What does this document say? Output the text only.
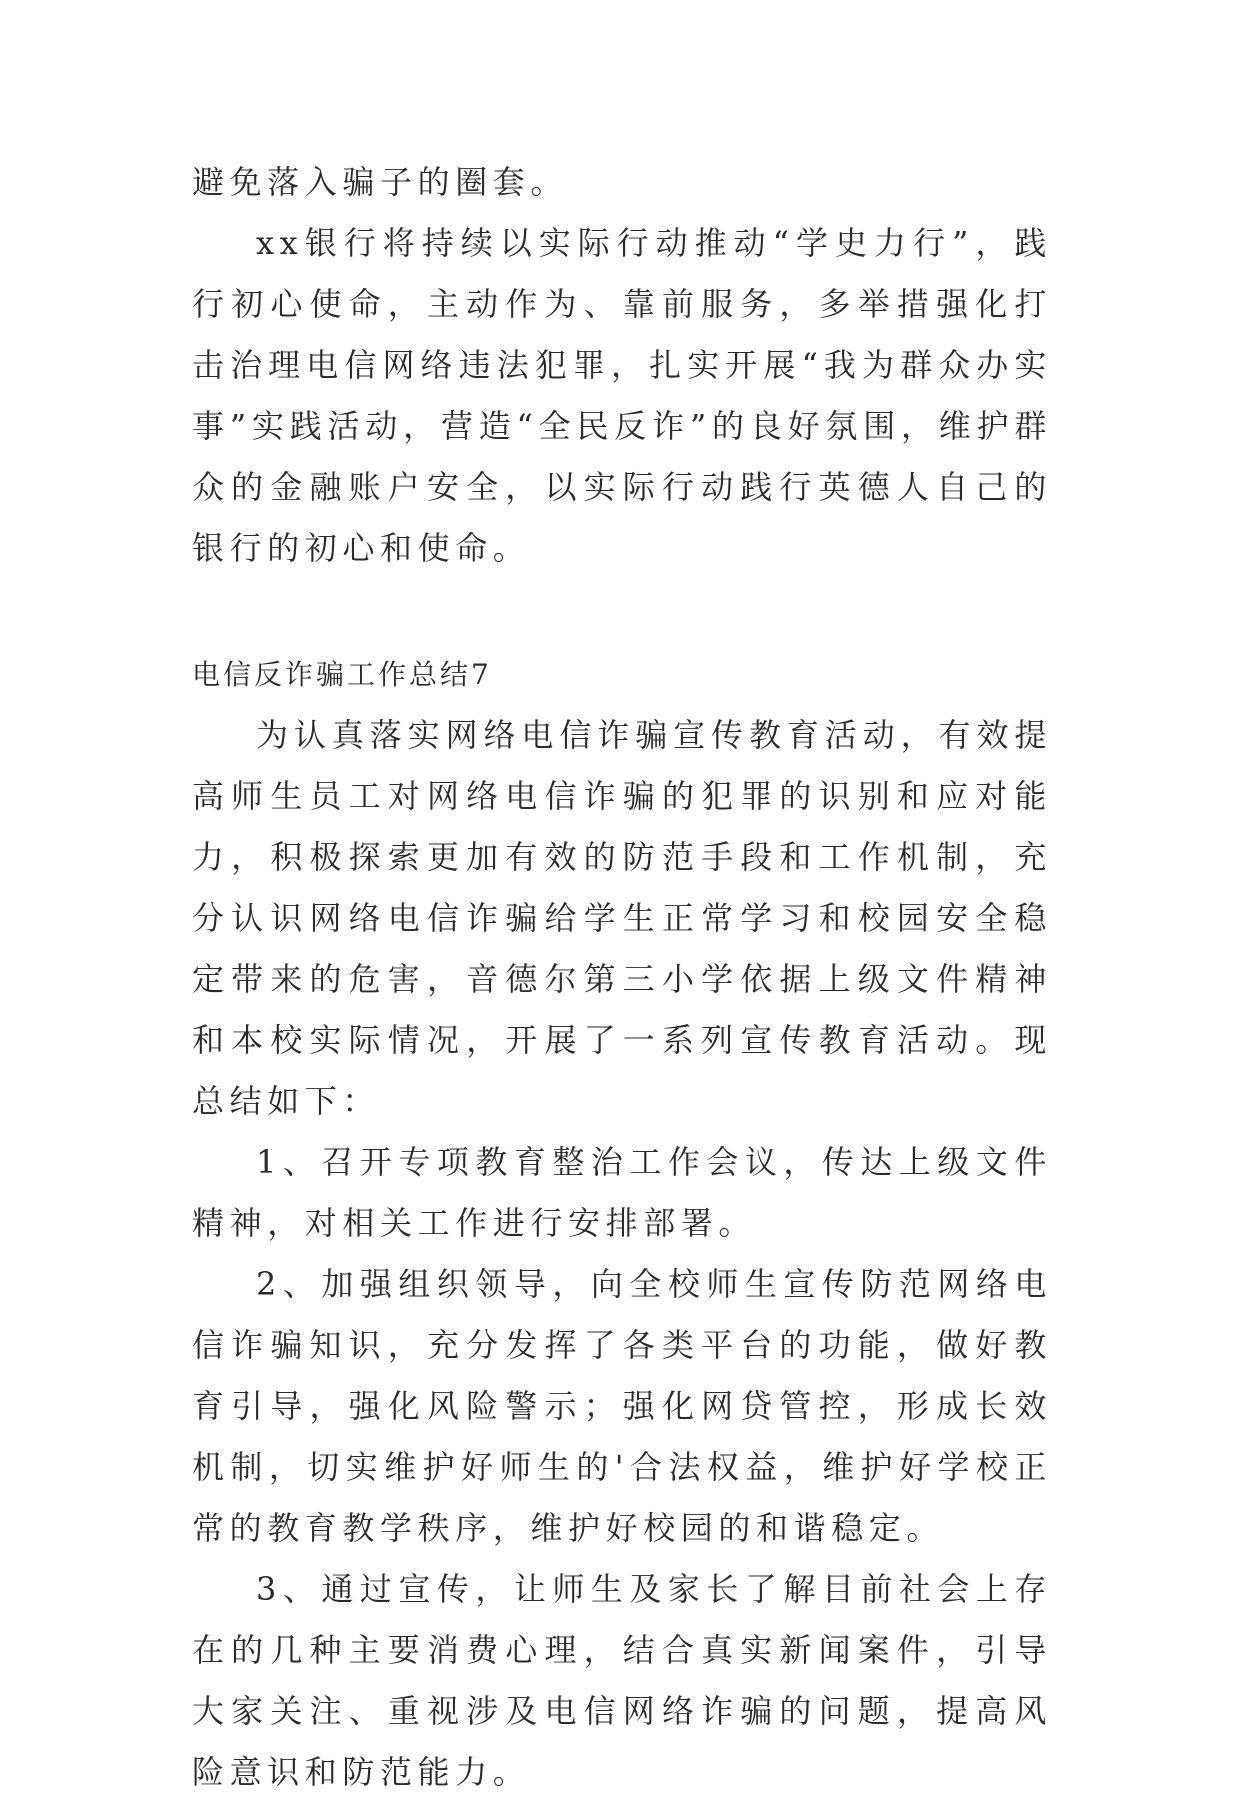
避免落入骗子的圈套。

xx银行将持续以实际行动推动“学史力行”，践行初心使命，主动作为、靠前服务，多举措强化打击治理电信网络违法犯罪，扎实开展“我为群众办实事”实践活动，营造“全民反诈”的良好氛围，维护群众的金融账户安全，以实际行动践行英德人自己的银行的初心和使命。

电信反诈骗工作总结7

为认真落实网络电信诈骗宣传教育活动，有效提高师生员工对网络电信诈骗的犯罪的识别和应对能力，积极探索更加有效的防范手段和工作机制，充分认识网络电信诈骗给学生正常学习和校园安全稳定带来的危害，音德尔第三小学依据上级文件精神和本校实际情况，开展了一系列宣传教育活动。现总结如下：

1、召开专项教育整治工作会议，传达上级文件精神，对相关工作进行安排部署。

2、加强组织领导，向全校师生宣传防范网络电信诈骗知识，充分发挥了各类平台的功能，做好教育引导，强化风险警示；强化网贷管控，形成长效机制，切实维护好师生的'合法权益，维护好学校正常的教育教学秩序，维护好校园的和谐稳定。

3、通过宣传，让师生及家长了解目前社会上存在的几种主要消费心理，结合真实新闻案件，引导大家关注、重视涉及电信网络诈骗的问题，提高风险意识和防范能力。
